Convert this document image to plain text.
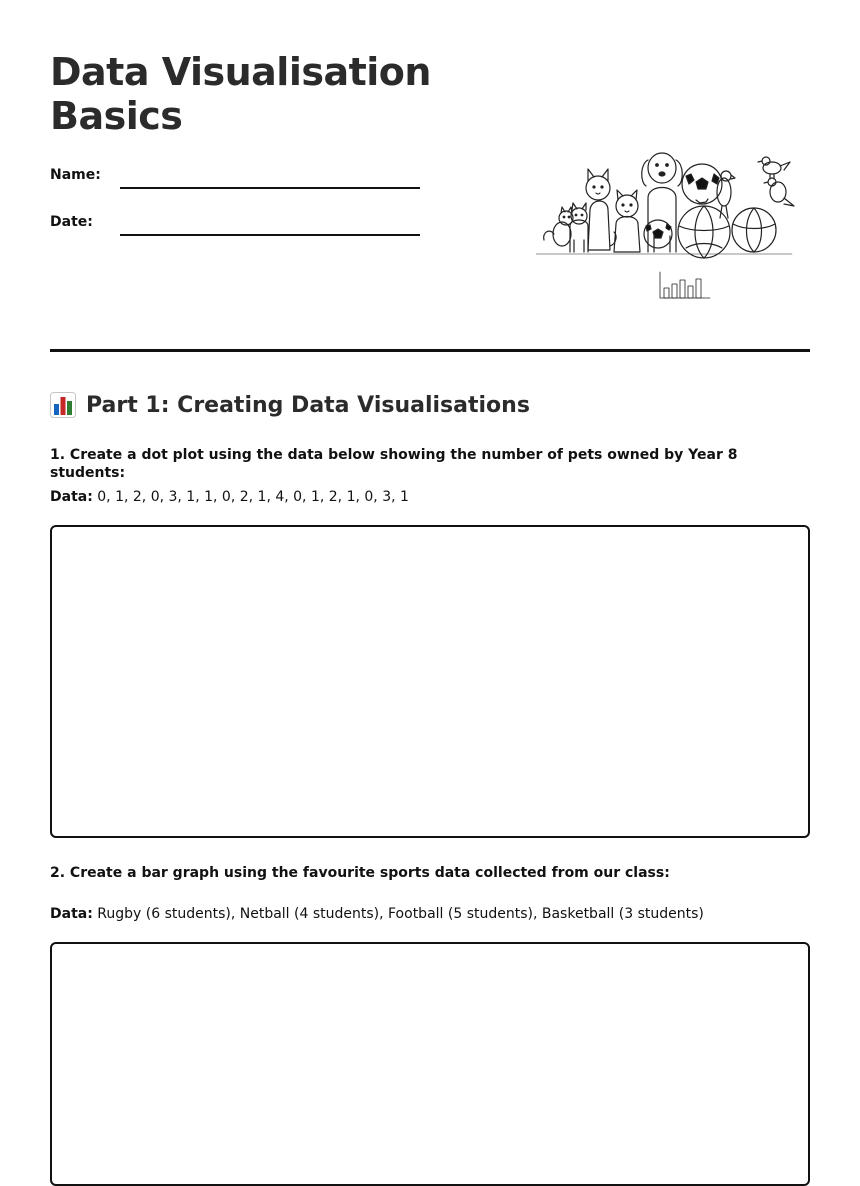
Data Visualisation Basics
Name:
Date:
Part 1: Creating Data Visualisations
1. Create a dot plot using the data below showing the number of pets owned by Year 8 students:
Data: 0, 1, 2, 0, 3, 1, 1, 0, 2, 1, 4, 0, 1, 2, 1, 0, 3, 1
2. Create a bar graph using the favourite sports data collected from our class:
Data: Rugby (6 students), Netball (4 students), Football (5 students), Basketball (3 students)
